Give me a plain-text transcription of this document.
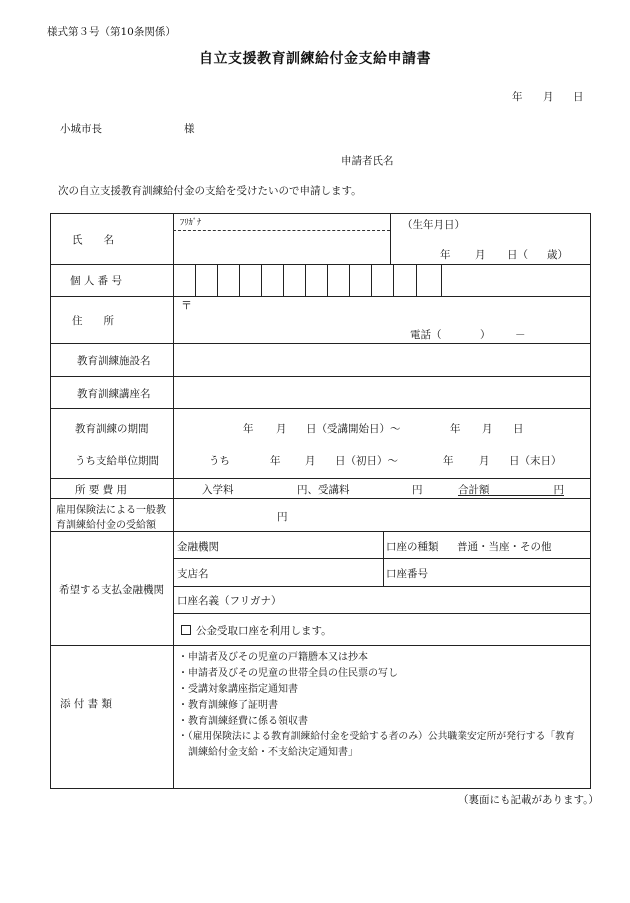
様式第３号（第10条関係）
自立支援教育訓練給付金支給申請書
年 月 日
小城市長	様
申請者氏名
次の自立支援教育訓練給付金の支給を受けたいので申請します。
氏　　名
ﾌﾘｶﾞﾅ	（生年月日）
年 月 日（ 歳）
個 人 番 号
住　　所
〒
電話（	） －
教育訓練施設名
教育訓練講座名
教育訓練の期間	年 月 日（受講開始日）～	年 月 日
うち支給単位期間	うち	年 月 日（初日）～	年 月 日（末日）
所 要 費 用	入学料	円、受講料	円	合計額	円
雇用保険法による一般教
育訓練給付金の受給額
円
希望する支払金融機関
金融機関	口座の種類 普通・当座・その他
支店名	口座番号
口座名義（フリガナ）
公金受取口座を利用します。
添 付 書 類
・申請者及びその児童の戸籍謄本又は抄本
・申請者及びその児童の世帯全員の住民票の写し
・受講対象講座指定通知書
・教育訓練修了証明書
・教育訓練経費に係る領収書
・（雇用保険法による教育訓練給付金を受給する者のみ）公共職業安定所が発行する「教育
　訓練給付金支給・不支給決定通知書」
（裏面にも記載があります。）
